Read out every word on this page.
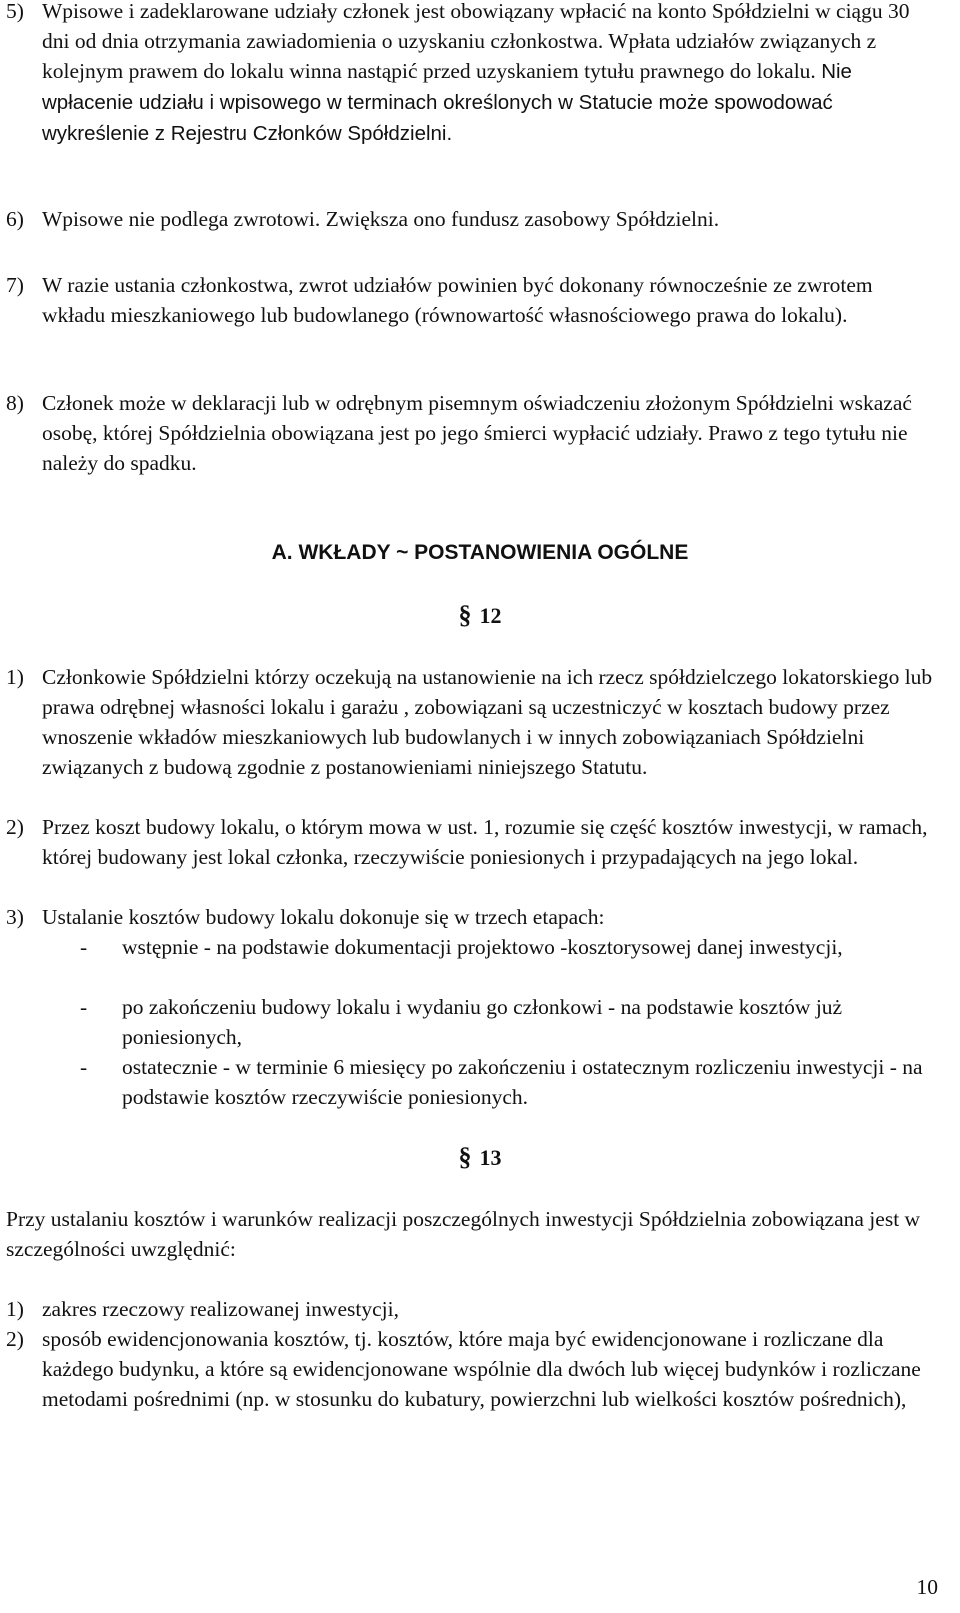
5) Wpisowe i zadeklarowane udziały członek jest obowiązany wpłacić na konto Spółdzielni w ciągu 30 dni od dnia otrzymania zawiadomienia o uzyskaniu członkostwa. Wpłata udziałów związanych z kolejnym prawem do lokalu winna nastąpić przed uzyskaniem tytułu prawnego do lokalu. Nie wpłacenie udziału i wpisowego w terminach określonych w Statucie może spowodować wykreślenie z Rejestru Członków Spółdzielni.
6) Wpisowe nie podlega zwrotowi. Zwiększa ono fundusz zasobowy Spółdzielni.
7) W razie ustania członkostwa, zwrot udziałów powinien być dokonany równocześnie ze zwrotem wkładu mieszkaniowego lub budowlanego (równowartość własnościowego prawa do lokalu).
8) Członek może w deklaracji lub w odrębnym pisemnym oświadczeniu złożonym Spółdzielni wskazać osobę, której Spółdzielnia obowiązana jest po jego śmierci wypłacić udziały. Prawo z tego tytułu nie należy do spadku.
A. WKŁADY ~ POSTANOWIENIA OGÓLNE
§ 12
1) Członkowie Spółdzielni którzy oczekują na ustanowienie na ich rzecz spółdzielczego lokatorskiego lub prawa odrębnej własności lokalu i garażu , zobowiązani są uczestniczyć w kosztach budowy przez wnoszenie wkładów mieszkaniowych lub budowlanych i w innych zobowiązaniach Spółdzielni związanych z budową zgodnie z postanowieniami niniejszego Statutu.
2) Przez koszt budowy lokalu, o którym mowa w ust. 1, rozumie się część kosztów inwestycji, w ramach, której budowany jest lokal członka, rzeczywiście poniesionych i przypadających na jego lokal.
3) Ustalanie kosztów budowy lokalu dokonuje się w trzech etapach:
-	wstępnie - na podstawie dokumentacji projektowo -kosztorysowej danej inwestycji,
-	po zakończeniu budowy lokalu i wydaniu go członkowi - na podstawie kosztów już poniesionych,
-	ostatecznie - w terminie 6 miesięcy po zakończeniu i ostatecznym rozliczeniu inwestycji - na podstawie kosztów rzeczywiście poniesionych.
§ 13
Przy ustalaniu kosztów i warunków realizacji poszczególnych inwestycji Spółdzielnia zobowiązana jest w szczególności uwzględnić:
1) zakres rzeczowy realizowanej inwestycji,
2) sposób ewidencjonowania kosztów, tj. kosztów, które maja być ewidencjonowane i rozliczane dla każdego budynku, a które są ewidencjonowane wspólnie dla dwóch lub więcej budynków i rozliczane metodami pośrednimi (np. w stosunku do kubatury, powierzchni lub wielkości kosztów pośrednich),
10
